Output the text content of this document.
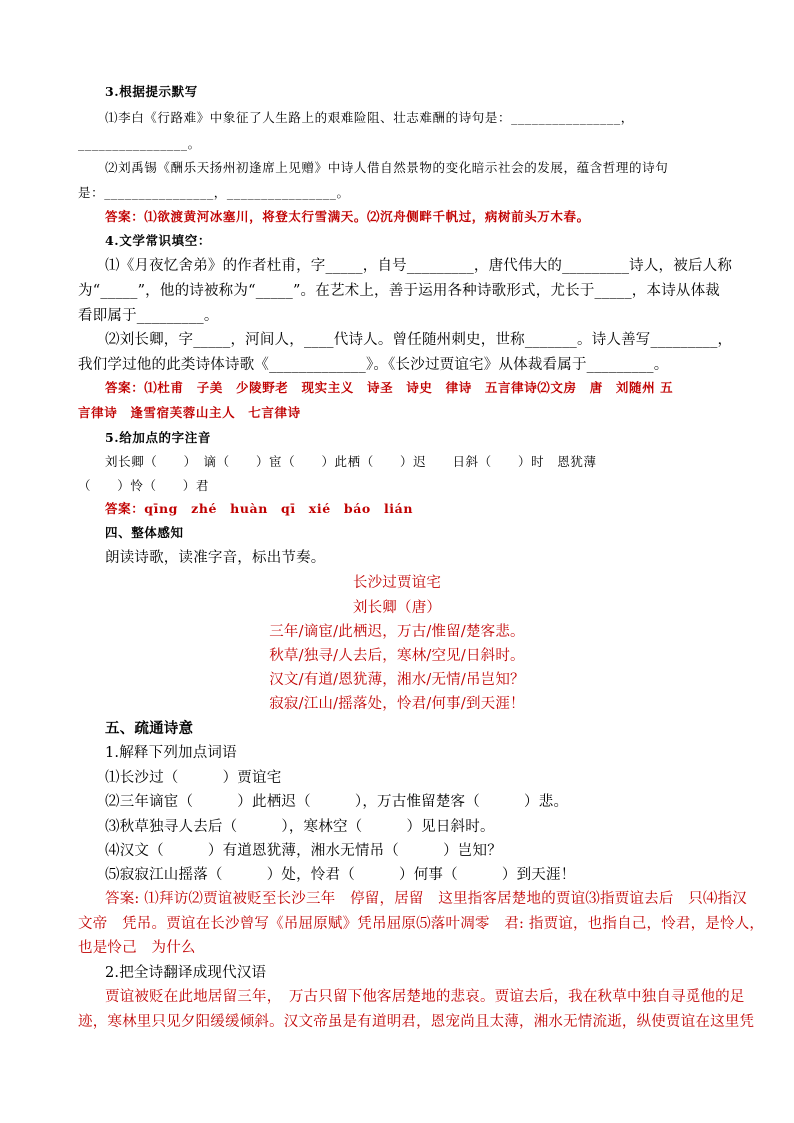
3.根据提示默写
⑴李白《行路难》中象征了人生路上的艰难险阻、壮志难酬的诗句是：________________，
________________。
⑵刘禹锡《酬乐天扬州初逢席上见赠》中诗人借自然景物的变化暗示社会的发展，蕴含哲理的诗句
是：________________，________________。
答案：⑴欲渡黄河冰塞川，将登太行雪满天。⑵沉舟侧畔千帆过，病树前头万木春。
4.文学常识填空：
⑴《月夜忆舍弟》的作者杜甫，字_____，自号_________，唐代伟大的_________诗人，被后人称
为“_____”，他的诗被称为“_____”。在艺术上，善于运用各种诗歌形式，尤长于_____，本诗从体裁
看即属于_________。
⑵刘长卿，字_____，河间人，____代诗人。曾任随州刺史，世称_______。诗人善写_________，
我们学过他的此类诗体诗歌《_____________》。《长沙过贾谊宅》从体裁看属于_________。
答案：⑴杜甫　子美　少陵野老　现实主义　诗圣　诗史　律诗　五言律诗⑵文房　唐　刘随州 五
言律诗　逢雪宿芙蓉山主人　七言律诗
5.给加点的字注音
刘长卿（　　）　谪（　　）宦（　　）此栖（　　）迟　　日斜（　　）时　恩犹薄
（　　）怜（　　）君
答案：qīng　zhé　huàn　qī　xié　báo　lián
四、整体感知
朗读诗歌，读准字音，标出节奏。
长沙过贾谊宅
刘长卿（唐）
三年/谪宦/此栖迟，万古/惟留/楚客悲。
秋草/独寻/人去后，寒林/空见/日斜时。
汉文/有道/恩犹薄，湘水/无情/吊岂知？
寂寂/江山/摇落处，怜君/何事/到天涯！
五、疏通诗意
1.解释下列加点词语
⑴长沙过（　　　）贾谊宅
⑵三年谪宦（　　　）此栖迟（　　　），万古惟留楚客（　　　）悲。
⑶秋草独寻人去后（　　　），寒林空（　　　）见日斜时。
⑷汉文（　　　）有道恩犹薄，湘水无情吊（　　　）岂知？
⑸寂寂江山摇落（　　　）处，怜君（　　　）何事（　　　）到天涯！
答案: ⑴拜访⑵贾谊被贬至长沙三年　停留，居留　这里指客居楚地的贾谊⑶指贾谊去后　只⑷指汉
文帝　凭吊。贾谊在长沙曾写《吊屈原赋》凭吊屈原⑸落叶凋零　君: 指贾谊，也指自己，怜君，是怜人，
也是怜己　为什么
2.把全诗翻译成现代汉语
贾谊被贬在此地居留三年，　万古只留下他客居楚地的悲哀。贾谊去后，我在秋草中独自寻觅他的足
迹，寒林里只见夕阳缓缓倾斜。汉文帝虽是有道明君，恩宠尚且太薄，湘水无情流逝，纵使贾谊在这里凭
